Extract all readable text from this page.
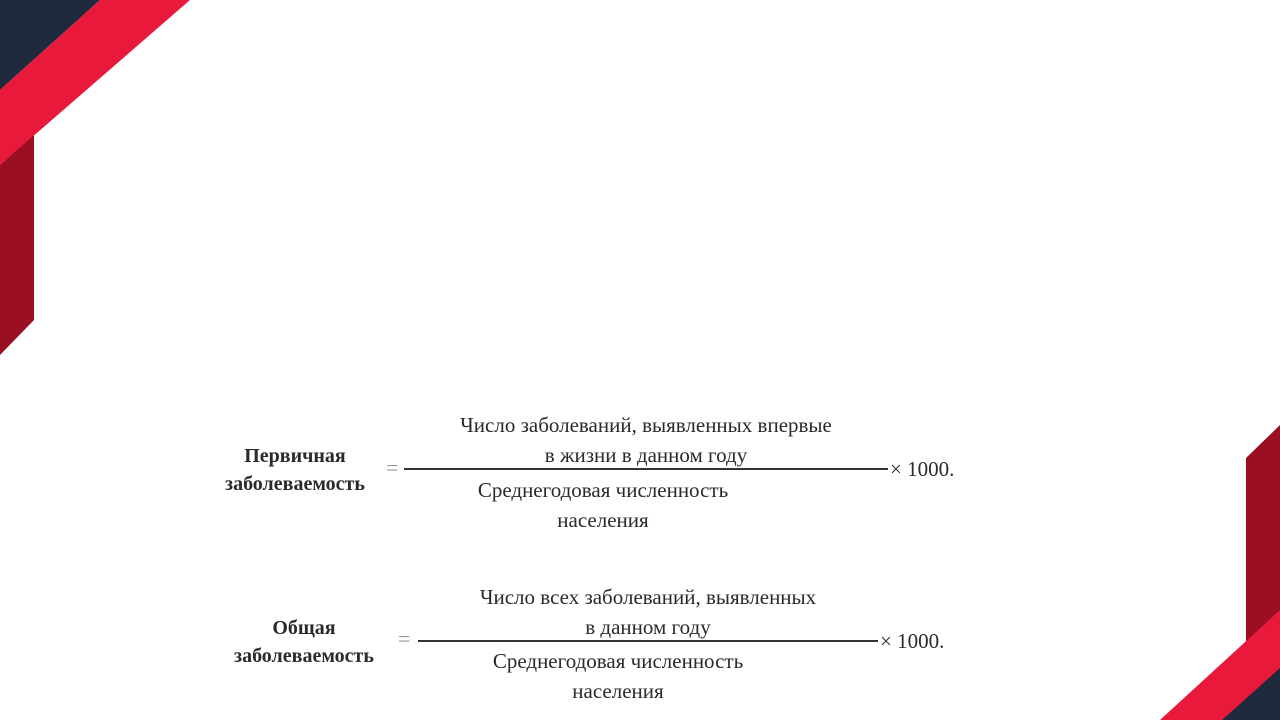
Первичная
заболеваемость
=
Число заболеваний, выявленных впервые
в жизни в данном году
Среднегодовая численность
населения
× 1000.
Общая
заболеваемость
=
Число всех заболеваний, выявленных
в данном году
Среднегодовая численность
населения
× 1000.
